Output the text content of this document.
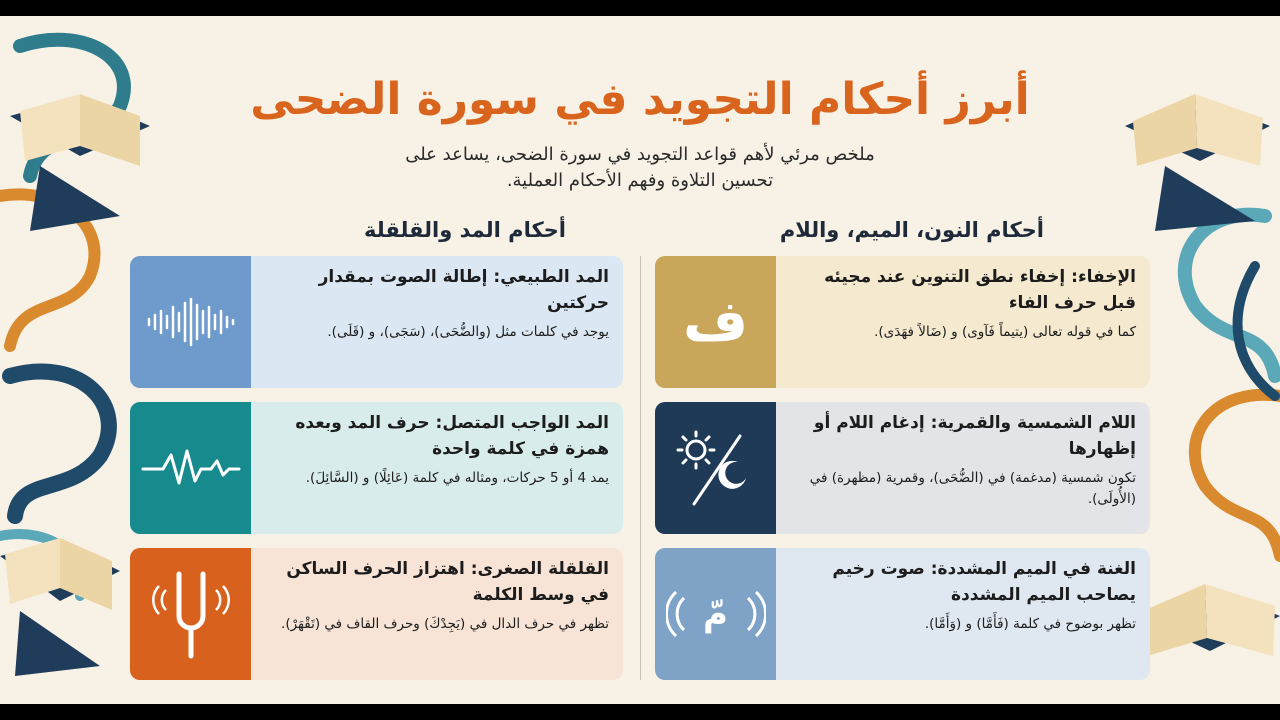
أبرز أحكام التجويد في سورة الضحى

ملخص مرئي لأهم قواعد التجويد في سورة الضحى، يساعد على
تحسين التلاوة وفهم الأحكام العملية.

أحكام النون، الميم، واللام
أحكام المد والقلقلة

الإخفاء: إخفاء نطق التنوين عند مجيئه قبل حرف الفاء

كما في قوله تعالى (يتيماً فَآوى) و (ضَالاً فهَدَى).

ف

اللام الشمسية والقمرية: إدغام اللام أو إظهارها

تكون شمسية (مدغمة) في (الضُّحَى)، وقمرية (مظهرة) في (الأُولَى).

الغنة في الميم المشددة: صوت رخيم يصاحب الميم المشددة

تظهر بوضوح في كلمة (فَأَمَّا) و (وَأَمَّا).

مّ

المد الطبيعي: إطالة الصوت بمقدار حركتين

يوجد في كلمات مثل (والضُّحَى)، (سَجَى)، و (قَلَى).

المد الواجب المتصل: حرف المد وبعده همزة في كلمة واحدة

يمد 4 أو 5 حركات، ومثاله في كلمة (عَائِلًا) و (السَّائِلَ).

القلقلة الصغرى: اهتزاز الحرف الساكن في وسط الكلمة

تظهر في حرف الدال في (يَجِدْكَ) وحرف القاف في (تَقْهَرْ).
